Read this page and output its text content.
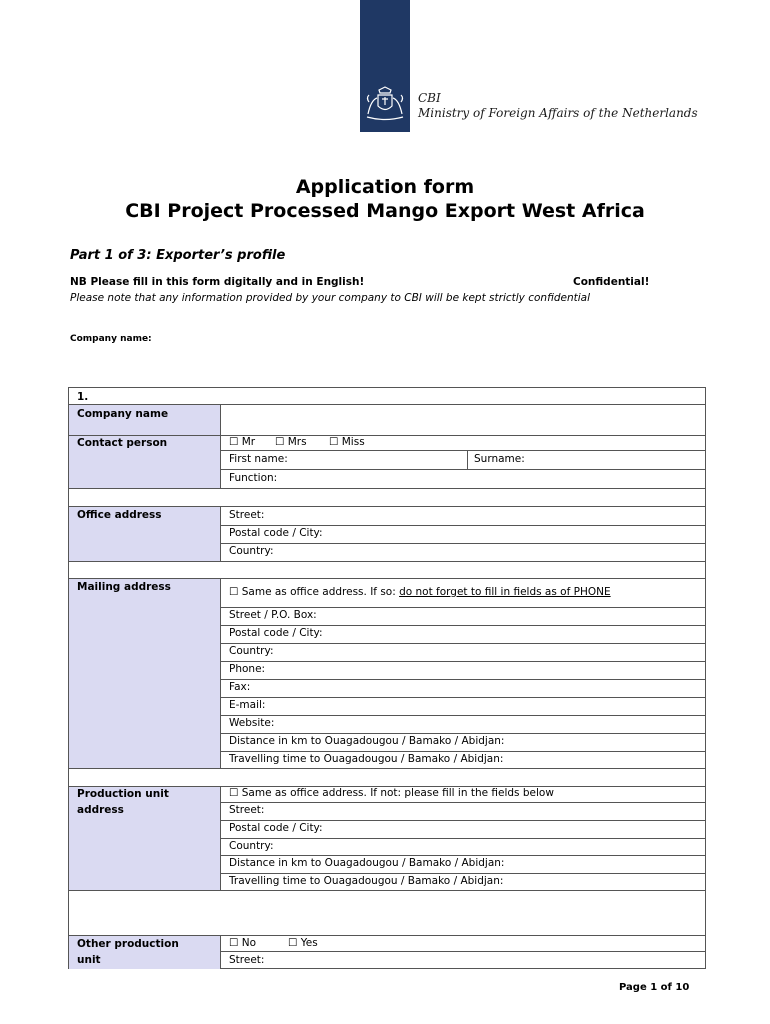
CBI
Ministry of Foreign Affairs of the Netherlands
Application form
CBI Project Processed Mango Export West Africa
Part 1 of 3: Exporter’s profile
NB Please fill in this form digitally and in English!	Confidential!
Please note that any information provided by your company to CBI will be kept strictly confidential
Company name:
1.
Company name
Contact person	☐ Mr ☐ Mrs ☐ Miss
First name:	Surname:
Function:
Office address	Street:
Postal code / City:
Country:
Mailing address	☐ Same as office address. If so: do not forget to fill in fields as of PHONE
Street / P.O. Box:
Postal code / City:
Country:
Phone:
Fax:
E-mail:
Website:
Distance in km to Ouagadougou / Bamako / Abidjan:
Travelling time to Ouagadougou / Bamako / Abidjan:
Production unit
address
☐ Same as office address. If not: please fill in the fields below
Street:
Postal code / City:
Country:
Distance in km to Ouagadougou / Bamako / Abidjan:
Travelling time to Ouagadougou / Bamako / Abidjan:
Other production
unit
☐ No	☐ Yes
Street:
Page 1 of 10
